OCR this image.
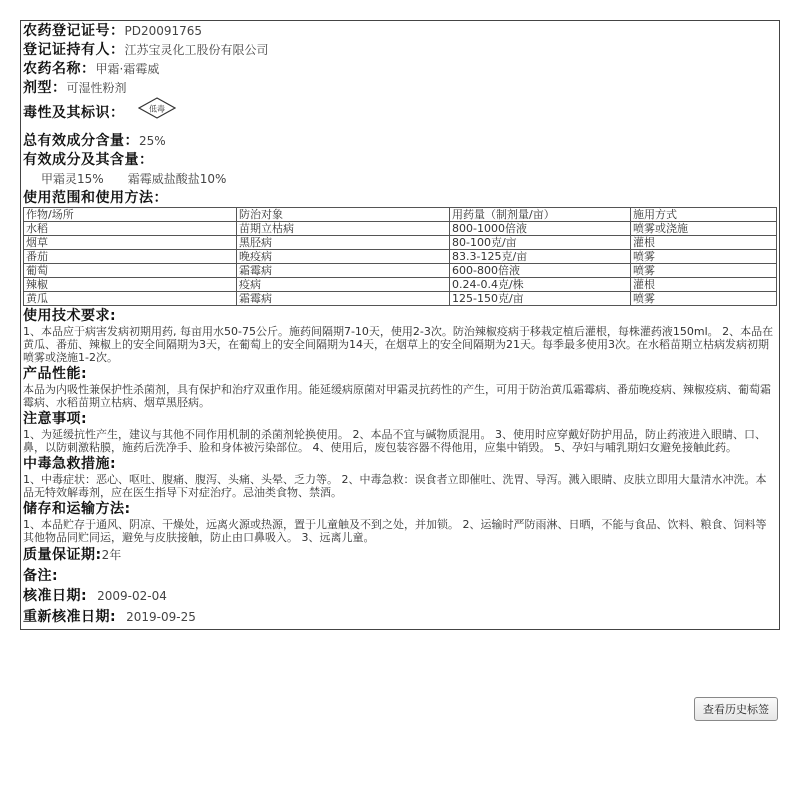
农药登记证号：PD20091765
登记证持有人：江苏宝灵化工股份有限公司
农药名称：甲霜·霜霉威
剂型：可湿性粉剂
毒性及其标识：	低毒
总有效成分含量：25%
有效成分及其含量：
甲霜灵15% 霜霉威盐酸盐10%
使用范围和使用方法：
作物/场所	防治对象	用药量（制剂量/亩）	施用方式
水稻	苗期立枯病	800-1000倍液	喷雾或浇施
烟草	黑胫病	80-100克/亩	灌根
番茄	晚疫病	83.3-125克/亩	喷雾
葡萄	霜霉病	600-800倍液	喷雾
辣椒	疫病	0.24-0.4克/株	灌根
黄瓜	霜霉病	125-150克/亩	喷雾
使用技术要求:

1、本品应于病害发病初期用药, 每亩用水50-75公斤。施药间隔期7-10天，使用2-3次。防治辣椒疫病于移栽定植后灌根，每株灌药液150ml。 2、本品在黄瓜、番茄、辣椒上的安全间隔期为3天，在葡萄上的安全间隔期为14天，在烟草上的安全间隔期为21天。每季最多使用3次。在水稻苗期立枯病发病初期喷雾或浇施1-2次。

产品性能:

本品为内吸性兼保护性杀菌剂，具有保护和治疗双重作用。能延缓病原菌对甲霜灵抗药性的产生，可用于防治黄瓜霜霉病、番茄晚疫病、辣椒疫病、葡萄霜霉病、水稻苗期立枯病、烟草黑胫病。

注意事项:

1、为延缓抗性产生，建议与其他不同作用机制的杀菌剂轮换使用。 2、本品不宜与碱物质混用。 3、使用时应穿戴好防护用品，防止药液进入眼睛、口、鼻，以防刺激粘膜，施药后洗净手、脸和身体被污染部位。 4、使用后，废包装容器不得他用，应集中销毁。 5、孕妇与哺乳期妇女避免接触此药。

中毒急救措施:

1、中毒症状：恶心、呕吐、腹痛、腹泻、头痛、头晕、乏力等。 2、中毒急救：误食者立即催吐、洗胃、导泻。溅入眼睛、皮肤立即用大量清水冲洗。本品无特效解毒剂，应在医生指导下对症治疗。忌油类食物、禁酒。

储存和运输方法:

1、本品贮存于通风、阴凉、干燥处，远离火源或热源，置于儿童触及不到之处，并加锁。 2、运输时严防雨淋、日晒，不能与食品、饮料、粮食、饲料等其他物品同贮同运，避免与皮肤接触，防止由口鼻吸入。 3、远离儿童。

质量保证期:2年
备注:
核准日期: 2009-02-04
重新核准日期: 2019-09-25
查看历史标签
